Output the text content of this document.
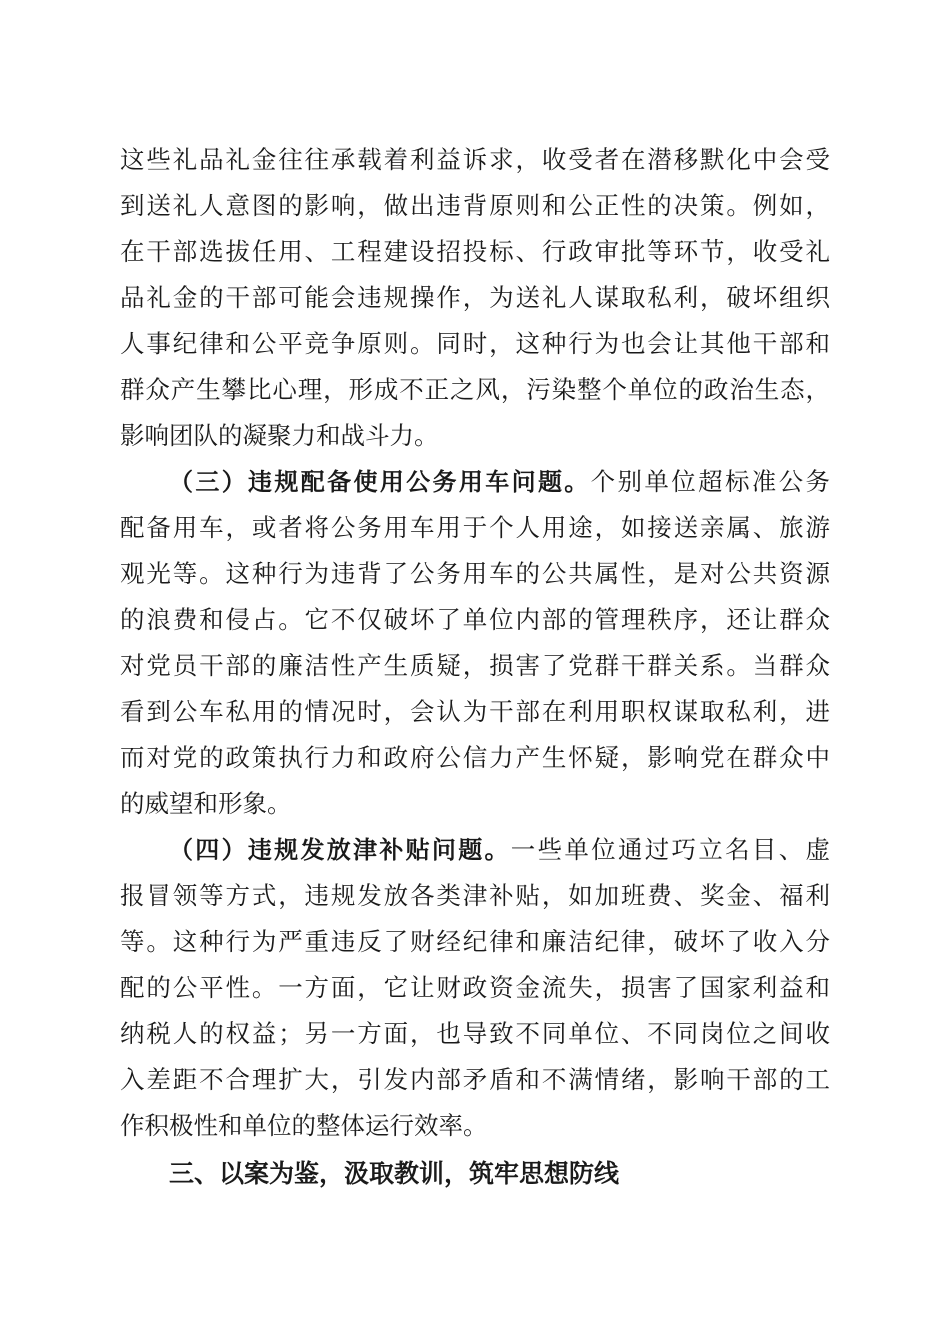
这些礼品礼金往往承载着利益诉求，收受者在潜移默化中会受
到送礼人意图的影响，做出违背原则和公正性的决策。例如，
在干部选拔任用、工程建设招投标、行政审批等环节，收受礼
品礼金的干部可能会违规操作，为送礼人谋取私利，破坏组织
人事纪律和公平竞争原则。同时，这种行为也会让其他干部和
群众产生攀比心理，形成不正之风，污染整个单位的政治生态，
影响团队的凝聚力和战斗力。
（三）违规配备使用公务用车问题。个别单位超标准公务
配备用车，或者将公务用车用于个人用途，如接送亲属、旅游
观光等。这种行为违背了公务用车的公共属性，是对公共资源
的浪费和侵占。它不仅破坏了单位内部的管理秩序，还让群众
对党员干部的廉洁性产生质疑，损害了党群干群关系。当群众
看到公车私用的情况时，会认为干部在利用职权谋取私利，进
而对党的政策执行力和政府公信力产生怀疑，影响党在群众中
的威望和形象。
（四）违规发放津补贴问题。一些单位通过巧立名目、虚
报冒领等方式，违规发放各类津补贴，如加班费、奖金、福利
等。这种行为严重违反了财经纪律和廉洁纪律，破坏了收入分
配的公平性。一方面，它让财政资金流失，损害了国家利益和
纳税人的权益；另一方面，也导致不同单位、不同岗位之间收
入差距不合理扩大，引发内部矛盾和不满情绪，影响干部的工
作积极性和单位的整体运行效率。
三、以案为鉴，汲取教训，筑牢思想防线
